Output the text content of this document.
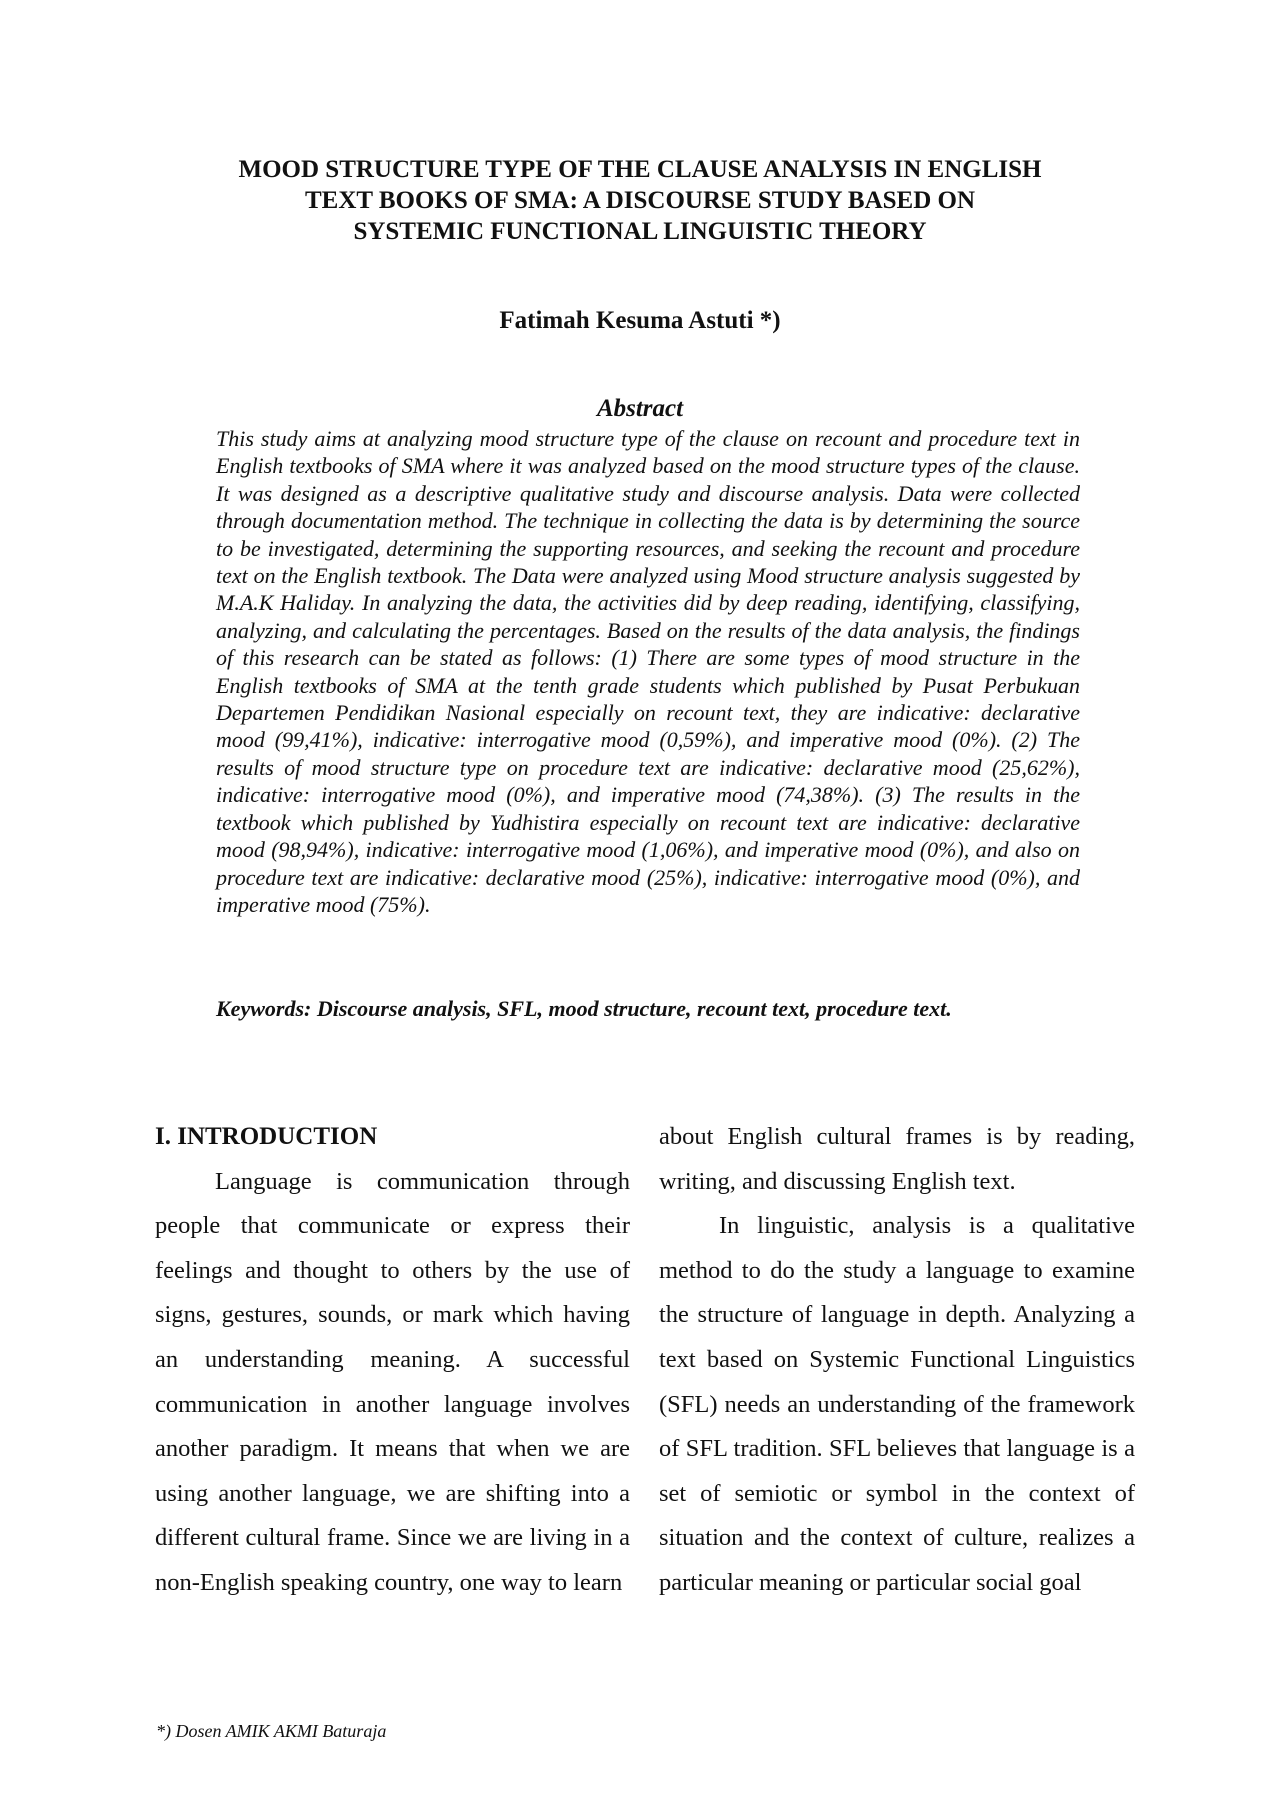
MOOD STRUCTURE TYPE OF THE CLAUSE ANALYSIS IN ENGLISH
TEXT BOOKS OF SMA: A DISCOURSE STUDY BASED ON
SYSTEMIC FUNCTIONAL LINGUISTIC THEORY
Fatimah Kesuma Astuti *)
Abstract

This study aims at analyzing mood structure type of the clause on recount and procedure text in English textbooks of SMA where it was analyzed based on the mood structure types of the clause. It was designed as a descriptive qualitative study and discourse analysis. Data were collected through documentation method. The technique in collecting the data is by determining the source to be investigated, determining the supporting resources, and seeking the recount and procedure text on the English textbook. The Data were analyzed using Mood structure analysis suggested by M.A.K Haliday. In analyzing the data, the activities did by deep reading, identifying, classifying, analyzing, and calculating the percentages. Based on the results of the data analysis, the findings of this research can be stated as follows: (1) There are some types of mood structure in the English textbooks of SMA at the tenth grade students which published by Pusat Perbukuan Departemen Pendidikan Nasional especially on recount text, they are indicative: declarative mood (99,41%), indicative: interrogative mood (0,59%), and imperative mood (0%). (2) The results of mood structure type on procedure text are indicative: declarative mood (25,62%), indicative: interrogative mood (0%), and imperative mood (74,38%). (3) The results in the textbook which published by Yudhistira especially on recount text are indicative: declarative mood (98,94%), indicative: interrogative mood (1,06%), and imperative mood (0%), and also on procedure text are indicative: declarative mood (25%), indicative: interrogative mood (0%), and imperative mood (75%).

Keywords: Discourse analysis, SFL, mood structure, recount text, procedure text.

I. INTRODUCTION

Language is communication through people that communicate or express their feelings and thought to others by the use of signs, gestures, sounds, or mark which having an understanding meaning. A successful communication in another language involves another paradigm. It means that when we are using another language, we are shifting into a different cultural frame. Since we are living in a non-English speaking country, one way to learn

about English cultural frames is by reading, writing, and discussing English text.

In linguistic, analysis is a qualitative method to do the study a language to examine the structure of language in depth. Analyzing a text based on Systemic Functional Linguistics (SFL) needs an understanding of the framework of SFL tradition. SFL believes that language is a set of semiotic or symbol in the context of situation and the context of culture, realizes a particular meaning or particular social goal

*) Dosen AMIK AKMI Baturaja
